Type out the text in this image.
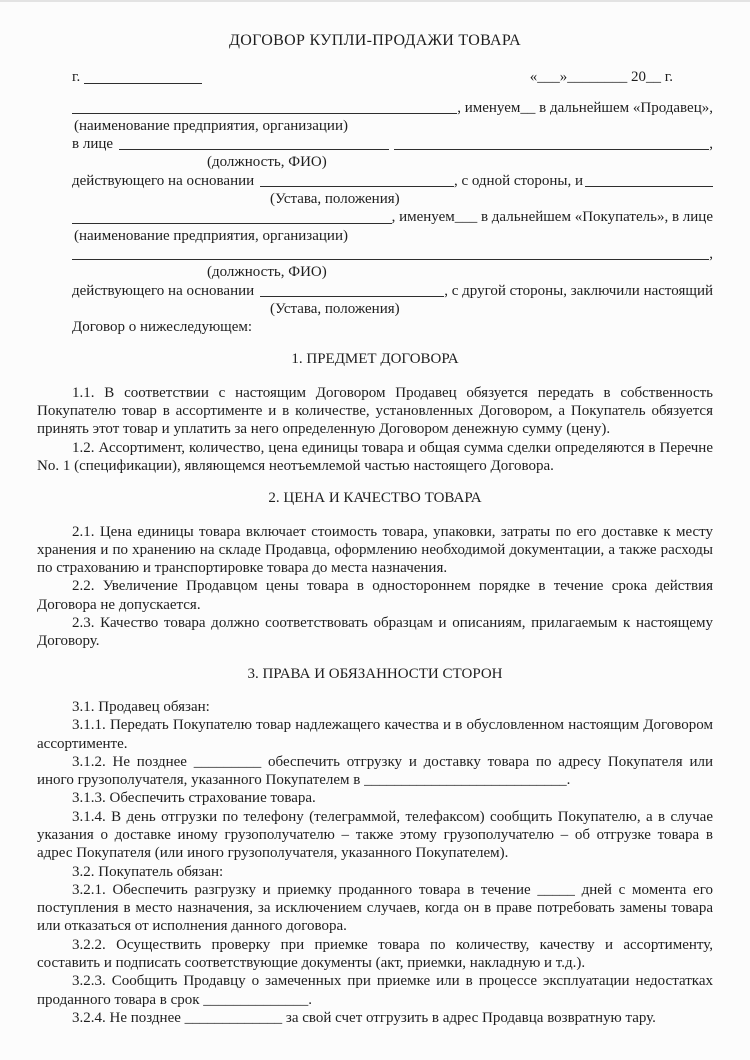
ДОГОВОР КУПЛИ-ПРОДАЖИ ТОВАРА
г.	«___»________ 20__ г.
, именуем__ в дальнейшем «Продавец»,
(наименование предприятия, организации)
в лице	,
(должность, ФИО)
действующего на основании	, с одной стороны, и
(Устава, положения)
, именуем___ в дальнейшем «Покупатель», в лице
(наименование предприятия, организации)
,
(должность, ФИО)
действующего на основании	, с другой стороны, заключили настоящий
(Устава, положения)
Договор о нижеследующем:
1. ПРЕДМЕТ ДОГОВОРА

1.1. В соответствии с настоящим Договором Продавец обязуется передать в собственность Покупателю товар в ассортименте и в количестве, установленных Договором, а Покупатель обязуется принять этот товар и уплатить за него определенную Договором денежную сумму (цену).

1.2. Ассортимент, количество, цена единицы товара и общая сумма сделки определяются в Перечне No. 1 (спецификации), являющемся неотъемлемой частью настоящего Договора.

2. ЦЕНА И КАЧЕСТВО ТОВАРА

2.1. Цена единицы товара включает стоимость товара, упаковки, затраты по его доставке к месту хранения и по хранению на складе Продавца, оформлению необходимой документации, а также расходы по страхованию и транспортировке товара до места назначения.

2.2. Увеличение Продавцом цены товара в одностороннем порядке в течение срока действия Договора не допускается.

2.3. Качество товара должно соответствовать образцам и описаниям, прилагаемым к настоящему Договору.

3. ПРАВА И ОБЯЗАННОСТИ СТОРОН

3.1. Продавец обязан:

3.1.1. Передать Покупателю товар надлежащего качества и в обусловленном настоящим Договором ассортименте.

3.1.2. Не позднее _________ обеспечить отгрузку и доставку товара по адресу Покупателя или иного грузополучателя, указанного Покупателем в ___________________________.

3.1.3. Обеспечить страхование товара.

3.1.4. В день отгрузки по телефону (телеграммой, телефаксом) сообщить Покупателю, а в случае указания о доставке иному грузополучателю – также этому грузополучателю – об отгрузке товара в адрес Покупателя (или иного грузополучателя, указанного Покупателем).

3.2. Покупатель обязан:

3.2.1. Обеспечить разгрузку и приемку проданного товара в течение _____ дней с момента его поступления в место назначения, за исключением случаев, когда он в праве потребовать замены товара или отказаться от исполнения данного договора.

3.2.2. Осуществить проверку при приемке товара по количеству, качеству и ассортименту, составить и подписать соответствующие документы (акт, приемки, накладную и т.д.).

3.2.3. Сообщить Продавцу о замеченных при приемке или в процессе эксплуатации недостатках проданного товара в срок ______________.

3.2.4. Не позднее _____________ за свой счет отгрузить в адрес Продавца возвратную тару.
